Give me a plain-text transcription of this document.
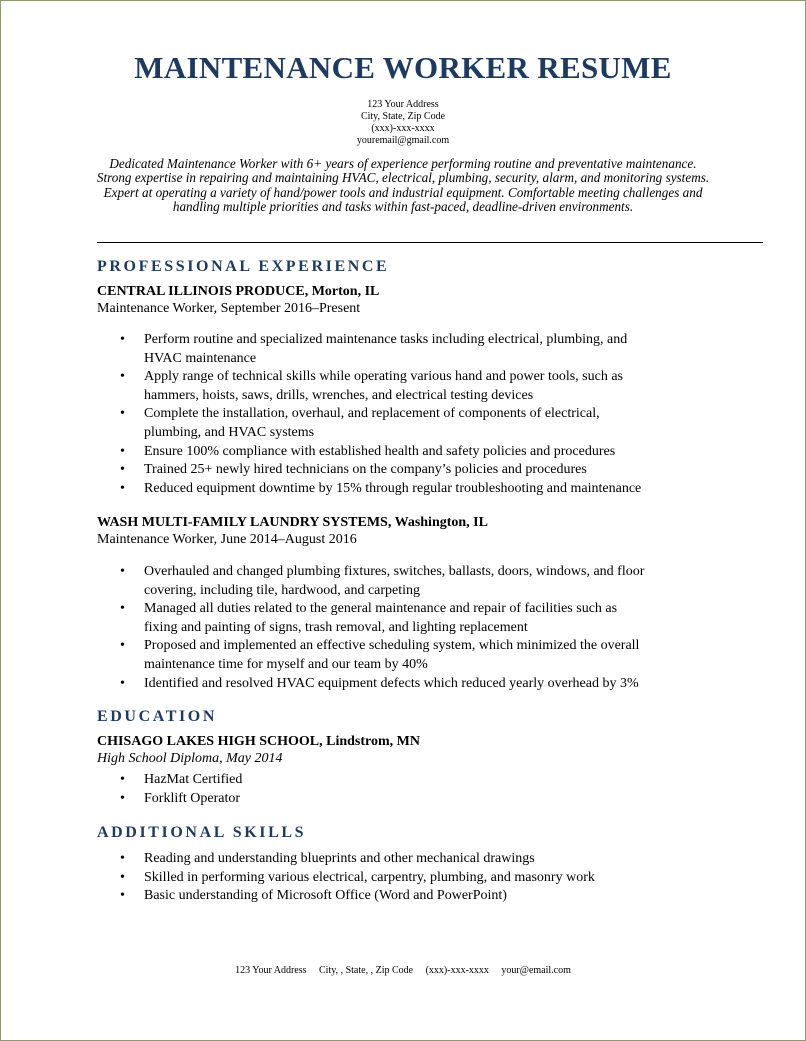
MAINTENANCE WORKER RESUME
123 Your Address
City, State, Zip Code
(xxx)-xxx-xxxx
youremail@gmail.com
Dedicated Maintenance Worker with 6+ years of experience performing routine and preventative maintenance. Strong expertise in repairing and maintaining HVAC, electrical, plumbing, security, alarm, and monitoring systems. Expert at operating a variety of hand/power tools and industrial equipment. Comfortable meeting challenges and handling multiple priorities and tasks within fast-paced, deadline-driven environments.
PROFESSIONAL EXPERIENCE
CENTRAL ILLINOIS PRODUCE, Morton, IL
Maintenance Worker, September 2016–Present
• Perform routine and specialized maintenance tasks including electrical, plumbing, and HVAC maintenance
• Apply range of technical skills while operating various hand and power tools, such as hammers, hoists, saws, drills, wrenches, and electrical testing devices
• Complete the installation, overhaul, and replacement of components of electrical, plumbing, and HVAC systems
• Ensure 100% compliance with established health and safety policies and procedures
• Trained 25+ newly hired technicians on the company’s policies and procedures
• Reduced equipment downtime by 15% through regular troubleshooting and maintenance
WASH MULTI-FAMILY LAUNDRY SYSTEMS, Washington, IL
Maintenance Worker, June 2014–August 2016
• Overhauled and changed plumbing fixtures, switches, ballasts, doors, windows, and floor covering, including tile, hardwood, and carpeting
• Managed all duties related to the general maintenance and repair of facilities such as fixing and painting of signs, trash removal, and lighting replacement
• Proposed and implemented an effective scheduling system, which minimized the overall maintenance time for myself and our team by 40%
• Identified and resolved HVAC equipment defects which reduced yearly overhead by 3%
EDUCATION
CHISAGO LAKES HIGH SCHOOL, Lindstrom, MN
High School Diploma, May 2014
• HazMat Certified
• Forklift Operator
ADDITIONAL SKILLS
• Reading and understanding blueprints and other mechanical drawings
• Skilled in performing various electrical, carpentry, plumbing, and masonry work
• Basic understanding of Microsoft Office (Word and PowerPoint)
123 Your Address City, , State, , Zip Code (xxx)-xxx-xxxx your@email.com
